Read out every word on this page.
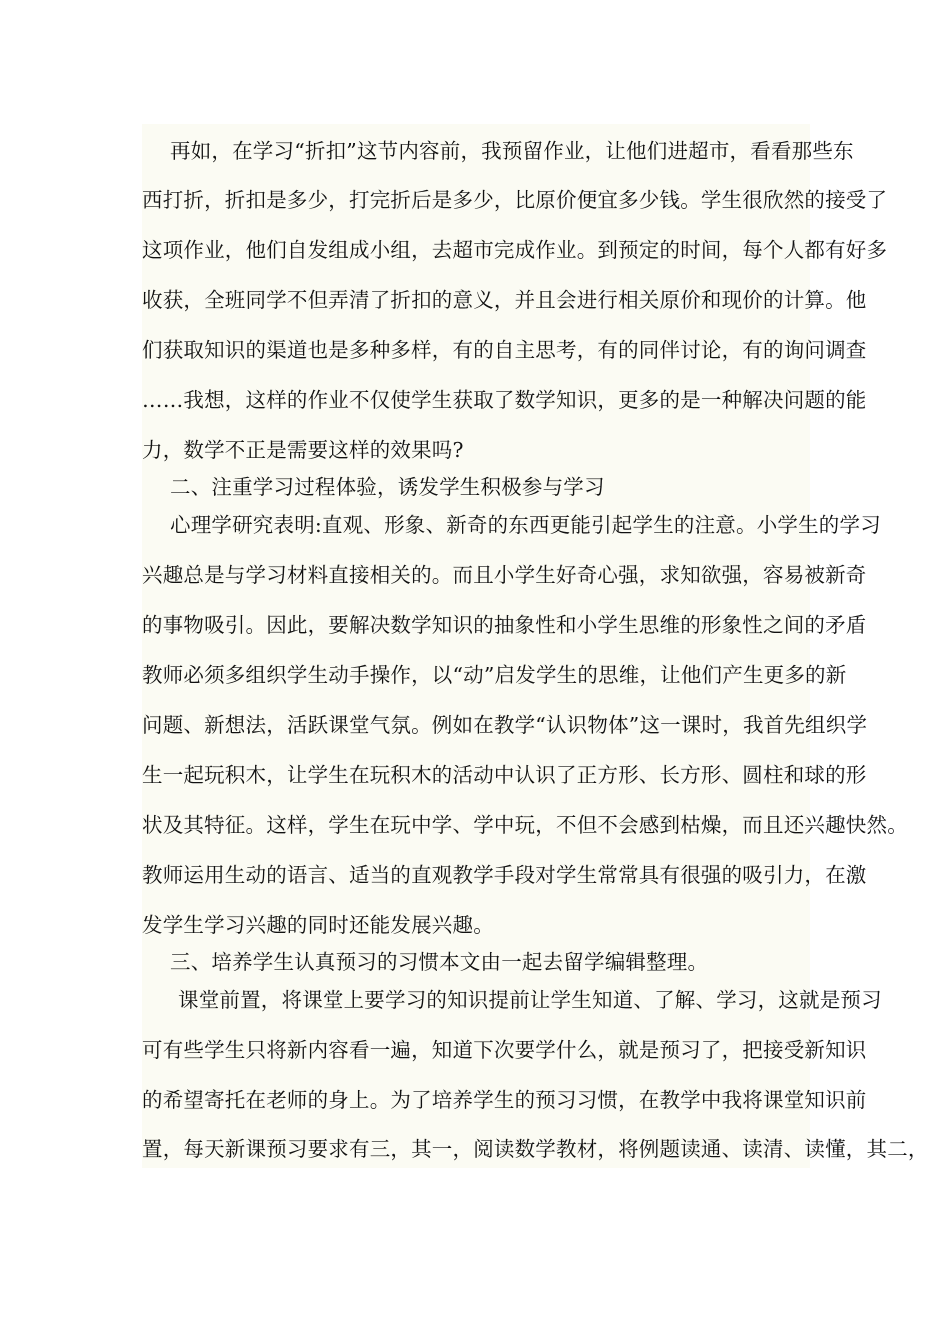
再如，在学习“折扣”这节内容前，我预留作业，让他们进超市，看看那些东
西打折，折扣是多少，打完折后是多少，比原价便宜多少钱。学生很欣然的接受了
这项作业，他们自发组成小组，去超市完成作业。到预定的时间，每个人都有好多
收获，全班同学不但弄清了折扣的意义，并且会进行相关原价和现价的计算。他
们获取知识的渠道也是多种多样，有的自主思考，有的同伴讨论，有的询问调查
……我想，这样的作业不仅使学生获取了数学知识，更多的是一种解决问题的能
力，数学不正是需要这样的效果吗?
二、注重学习过程体验，诱发学生积极参与学习
心理学研究表明:直观、形象、新奇的东西更能引起学生的注意。小学生的学习
兴趣总是与学习材料直接相关的。而且小学生好奇心强，求知欲强，容易被新奇
的事物吸引。因此，要解决数学知识的抽象性和小学生思维的形象性之间的矛盾
教师必须多组织学生动手操作，以“动”启发学生的思维，让他们产生更多的新
问题、新想法，活跃课堂气氛。例如在教学“认识物体”这一课时，我首先组织学
生一起玩积木，让学生在玩积木的活动中认识了正方形、长方形、圆柱和球的形
状及其特征。这样，学生在玩中学、学中玩，不但不会感到枯燥，而且还兴趣快然。
教师运用生动的语言、适当的直观教学手段对学生常常具有很强的吸引力，在激
发学生学习兴趣的同时还能发展兴趣。
三、培养学生认真预习的习惯本文由一起去留学编辑整理。
课堂前置，将课堂上要学习的知识提前让学生知道、了解、学习，这就是预习
可有些学生只将新内容看一遍，知道下次要学什么，就是预习了，把接受新知识
的希望寄托在老师的身上。为了培养学生的预习习惯，在教学中我将课堂知识前
置，每天新课预习要求有三，其一，阅读数学教材，将例题读通、读清、读懂，其二，
